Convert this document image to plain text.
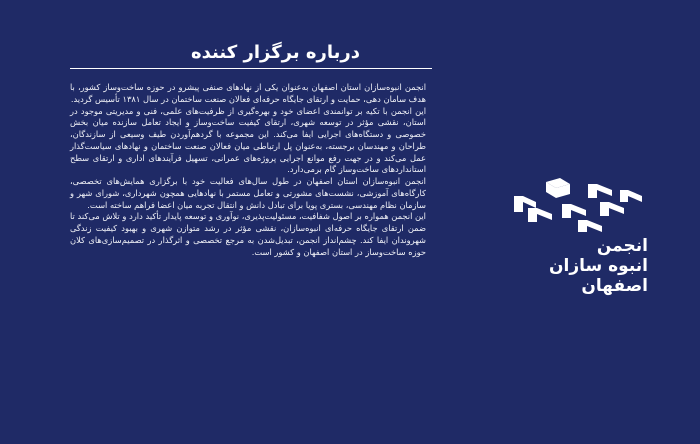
درباره برگزار کننده

انجمن انبوه‌سازان استان اصفهان به‌عنوان یکی از نهادهای صنفی پیشرو در حوزه ساخت‌وساز کشور، با هدف سامان دهی، حمایت و ارتقای جایگاه حرفه‌ای فعالان صنعت ساختمان در سال ۱۳۸۱ تأسیس گردید.

این انجمن با تکیه بر توانمندی اعضای خود و بهره‌گیری از ظرفیت‌های علمی، فنی و مدیریتی موجود در استان، نقشی مؤثر در توسعه شهری، ارتقای کیفیت ساخت‌وساز و ایجاد تعامل سازنده میان بخش خصوصی و دستگاه‌های اجرایی ایفا می‌کند. این مجموعه با گردهم‌آوردن طیف وسیعی از سازندگان، طراحان و مهندسان برجسته، به‌عنوان پل ارتباطی میان فعالان صنعت ساختمان و نهادهای سیاست‌گذار عمل می‌کند و در جهت رفع موانع اجرایی پروژه‌های عمرانی، تسهیل فرآیندهای اداری و ارتقای سطح استانداردهای ساخت‌وساز گام برمی‌دارد.

انجمن انبوه‌سازان استان اصفهان در طول سال‌های فعالیت خود با برگزاری همایش‌های تخصصی، کارگاه‌های آموزشی، نشست‌های مشورتی و تعامل مستمر با نهادهایی همچون شهرداری، شورای شهر و سازمان نظام مهندسی، بستری پویا برای تبادل دانش و انتقال تجربه میان اعضا فراهم ساخته است.

این انجمن همواره بر اصول شفافیت، مسئولیت‌پذیری، نوآوری و توسعه پایدار تأکید دارد و تلاش می‌کند تا ضمن ارتقای جایگاه حرفه‌ای انبوه‌سازان، نقشی مؤثر در رشد متوازن شهری و بهبود کیفیت زندگی شهروندان ایفا کند. چشم‌انداز انجمن، تبدیل‌شدن به مرجع تخصصی و اثرگذار در تصمیم‌سازی‌های کلان حوزه ساخت‌وساز در استان اصفهان و کشور است.	انجمن
انبوه سازان
اصفهان
